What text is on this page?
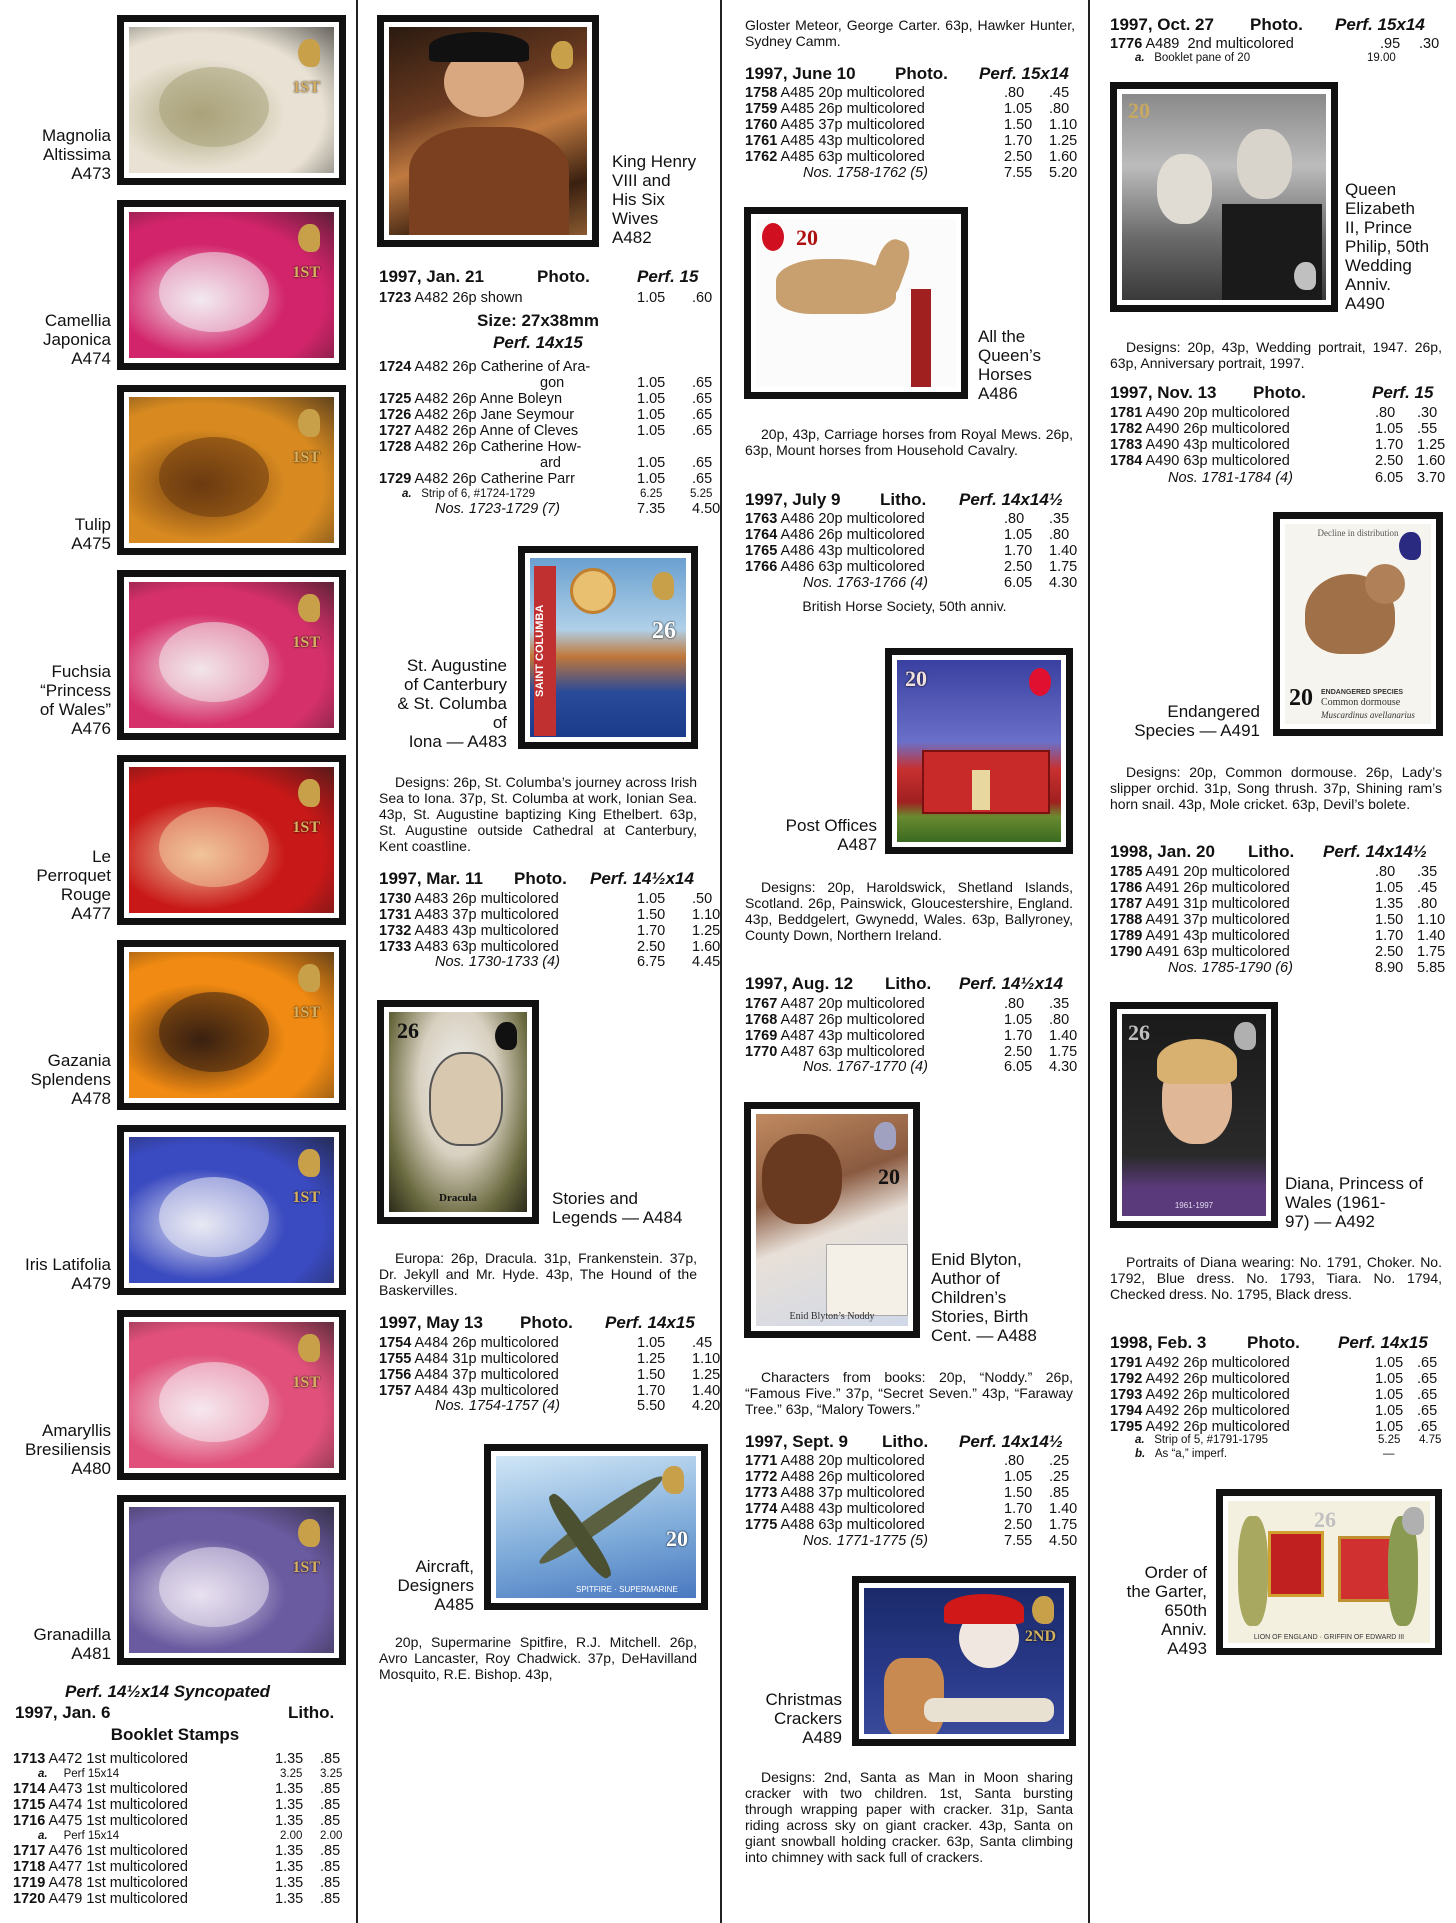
1ST
Magnolia
Altissima
A473
1ST
Camellia
Japonica
A474
1ST
Tulip
A475
1ST
Fuchsia
“Princess
of Wales”
A476
1ST
Le
Perroquet
Rouge
A477
1ST
Gazania
Splendens
A478
1ST
Iris Latifolia
A479
1ST
Amaryllis
Bresiliensis
A480
1ST
Granadilla
A481
Perf. 14½x14 Syncopated
1997, Jan. 6	Litho.
Booklet Stamps
1713 A472 1st multicolored	1.35 .85
a.     Perf 15x14	3.25 3.25
1714 A473 1st multicolored	1.35 .85
1715 A474 1st multicolored	1.35 .85
1716 A475 1st multicolored	1.35 .85
a.     Perf 15x14	2.00 2.00
1717 A476 1st multicolored	1.35 .85
1718 A477 1st multicolored	1.35 .85
1719 A478 1st multicolored	1.35 .85
1720 A479 1st multicolored	1.35 .85
King Henry
VIII and
His Six
Wives
A482
1997, Jan. 21	Photo.	Perf. 15
1723 A482 26p shown	1.05 .60
Size: 27x38mm
Perf. 14x15
1724 A482 26p Catherine of Ara-
gon	1.05 .65
1725 A482 26p Anne Boleyn	1.05 .65
1726 A482 26p Jane Seymour	1.05 .65
1727 A482 26p Anne of Cleves	1.05 .65
1728 A482 26p Catherine How-
ard	1.05 .65
1729 A482 26p Catherine Parr	1.05 .65
a. Strip of 6, #1724-1729	6.25 5.25
Nos. 1723-1729 (7)	7.35 4.50
SAINT COLUMBA	26
St. Augustine
of Canterbury
& St. Columba
of
Iona — A483
Designs: 26p, St. Columba’s journey across Irish Sea to Iona. 37p, St. Columba at work, Ionian Sea. 43p, St. Augustine baptizing King Ethelbert. 63p, St. Augustine outside Cathedral at Canterbury, Kent coastline.
1997, Mar. 11 Photo. Perf. 14½x14
1730 A483 26p multicolored	1.05 .50
1731 A483 37p multicolored	1.50 1.10
1732 A483 43p multicolored	1.70 1.25
1733 A483 63p multicolored	2.50 1.60
Nos. 1730-1733 (4)	6.75 4.45
26
Dracula	Stories and
Legends — A484
Europa: 26p, Dracula. 31p, Frankenstein. 37p, Dr. Jekyll and Mr. Hyde. 43p, The Hound of the Baskervilles.
1997, May 13 Photo. Perf. 14x15
1754 A484 26p multicolored	1.05 .45
1755 A484 31p multicolored	1.25 1.10
1756 A484 37p multicolored	1.50 1.25
1757 A484 43p multicolored	1.70 1.40
Nos. 1754-1757 (4)	5.50 4.20
20
SPITFIRE · SUPERMARINE
Aircraft,
Designers
A485
20p, Supermarine Spitfire, R.J. Mitchell. 26p, Avro Lancaster, Roy Chadwick. 37p, DeHavilland Mosquito, R.E. Bishop. 43p,
Gloster Meteor, George Carter. 63p, Hawker Hunter, Sydney Camm.
1997, June 10 Photo. Perf. 15x14
1758 A485 20p multicolored	.80 .45
1759 A485 26p multicolored	1.05 .80
1760 A485 37p multicolored	1.50 1.10
1761 A485 43p multicolored	1.70 1.25
1762 A485 63p multicolored	2.50 1.60
Nos. 1758-1762 (5)	7.55 5.20
20
All the
Queen’s
Horses
A486
20p, 43p, Carriage horses from Royal Mews. 26p, 63p, Mount horses from Household Cavalry.
1997, July 9 Litho. Perf. 14x14½
1763 A486 20p multicolored	.80 .35
1764 A486 26p multicolored	1.05 .80
1765 A486 43p multicolored	1.70 1.40
1766 A486 63p multicolored	2.50 1.75
Nos. 1763-1766 (4)	6.05 4.30
British Horse Society, 50th anniv.
20
Post Offices
A487
Designs: 20p, Haroldswick, Shetland Islands, Scotland. 26p, Painswick, Gloucestershire, England. 43p, Beddgelert, Gwynedd, Wales. 63p, Ballyroney, County Down, Northern Ireland.
1997, Aug. 12 Litho. Perf. 14½x14
1767 A487 20p multicolored	.80 .35
1768 A487 26p multicolored	1.05 .80
1769 A487 43p multicolored	1.70 1.40
1770 A487 63p multicolored	2.50 1.75
Nos. 1767-1770 (4)	6.05 4.30
20
Enid Blyton’s Noddy
Enid Blyton,
Author of
Children’s
Stories, Birth
Cent. — A488
Characters from books: 20p, “Noddy.” 26p, “Famous Five.” 37p, “Secret Seven.” 43p, “Faraway Tree.” 63p, “Malory Towers.”
1997, Sept. 9 Litho. Perf. 14x14½
1771 A488 20p multicolored	.80 .25
1772 A488 26p multicolored	1.05 .25
1773 A488 37p multicolored	1.50 .85
1774 A488 43p multicolored	1.70 1.40
1775 A488 63p multicolored	2.50 1.75
Nos. 1771-1775 (5)	7.55 4.50
2ND
Christmas
Crackers
A489
Designs: 2nd, Santa as Man in Moon sharing cracker with two children. 1st, Santa bursting through wrapping paper with cracker. 31p, Santa riding across sky on giant cracker. 43p, Santa on giant snowball holding cracker. 63p, Santa climbing into chimney with sack full of crackers.
1997, Oct. 27 Photo. Perf. 15x14
1776 A489 2nd multicolored	.95 .30
a. Booklet pane of 20	19.00
20
Queen
Elizabeth
II, Prince
Philip, 50th
Wedding
Anniv.
A490
Designs: 20p, 43p, Wedding portrait, 1947. 26p, 63p, Anniversary portrait, 1997.
1997, Nov. 13 Photo.	Perf. 15
1781 A490 20p multicolored	.80 .30
1782 A490 26p multicolored	1.05 .55
1783 A490 43p multicolored	1.70 1.25
1784 A490 63p multicolored	2.50 1.60
Nos. 1781-1784 (4)	6.05 3.70
Decline in distribution
20 ENDANGERED SPECIES
Common dormouse
Muscardinus avellanarius
Endangered
Species — A491
Designs: 20p, Common dormouse. 26p, Lady’s slipper orchid. 31p, Song thrush. 37p, Shining ram’s horn snail. 43p, Mole cricket. 63p, Devil’s bolete.
1998, Jan. 20 Litho. Perf. 14x14½
1785 A491 20p multicolored	.80 .35
1786 A491 26p multicolored	1.05 .45
1787 A491 31p multicolored	1.35 .80
1788 A491 37p multicolored	1.50 1.10
1789 A491 43p multicolored	1.70 1.40
1790 A491 63p multicolored	2.50 1.75
Nos. 1785-1790 (6)	8.90 5.85
26
1961-1997
Diana, Princess of
Wales (1961-
97) — A492
Portraits of Diana wearing: No. 1791, Choker. No. 1792, Blue dress. No. 1793, Tiara. No. 1794, Checked dress. No. 1795, Black dress.
1998, Feb. 3 Photo. Perf. 14x15
1791 A492 26p multicolored	1.05 .65
1792 A492 26p multicolored	1.05 .65
1793 A492 26p multicolored	1.05 .65
1794 A492 26p multicolored	1.05 .65
1795 A492 26p multicolored	1.05 .65
a. Strip of 5, #1791-1795	5.25 4.75
b. As “a,” imperf.	—
26
LION OF ENGLAND · GRIFFIN OF EDWARD III
Order of
the Garter,
650th
Anniv.
A493
